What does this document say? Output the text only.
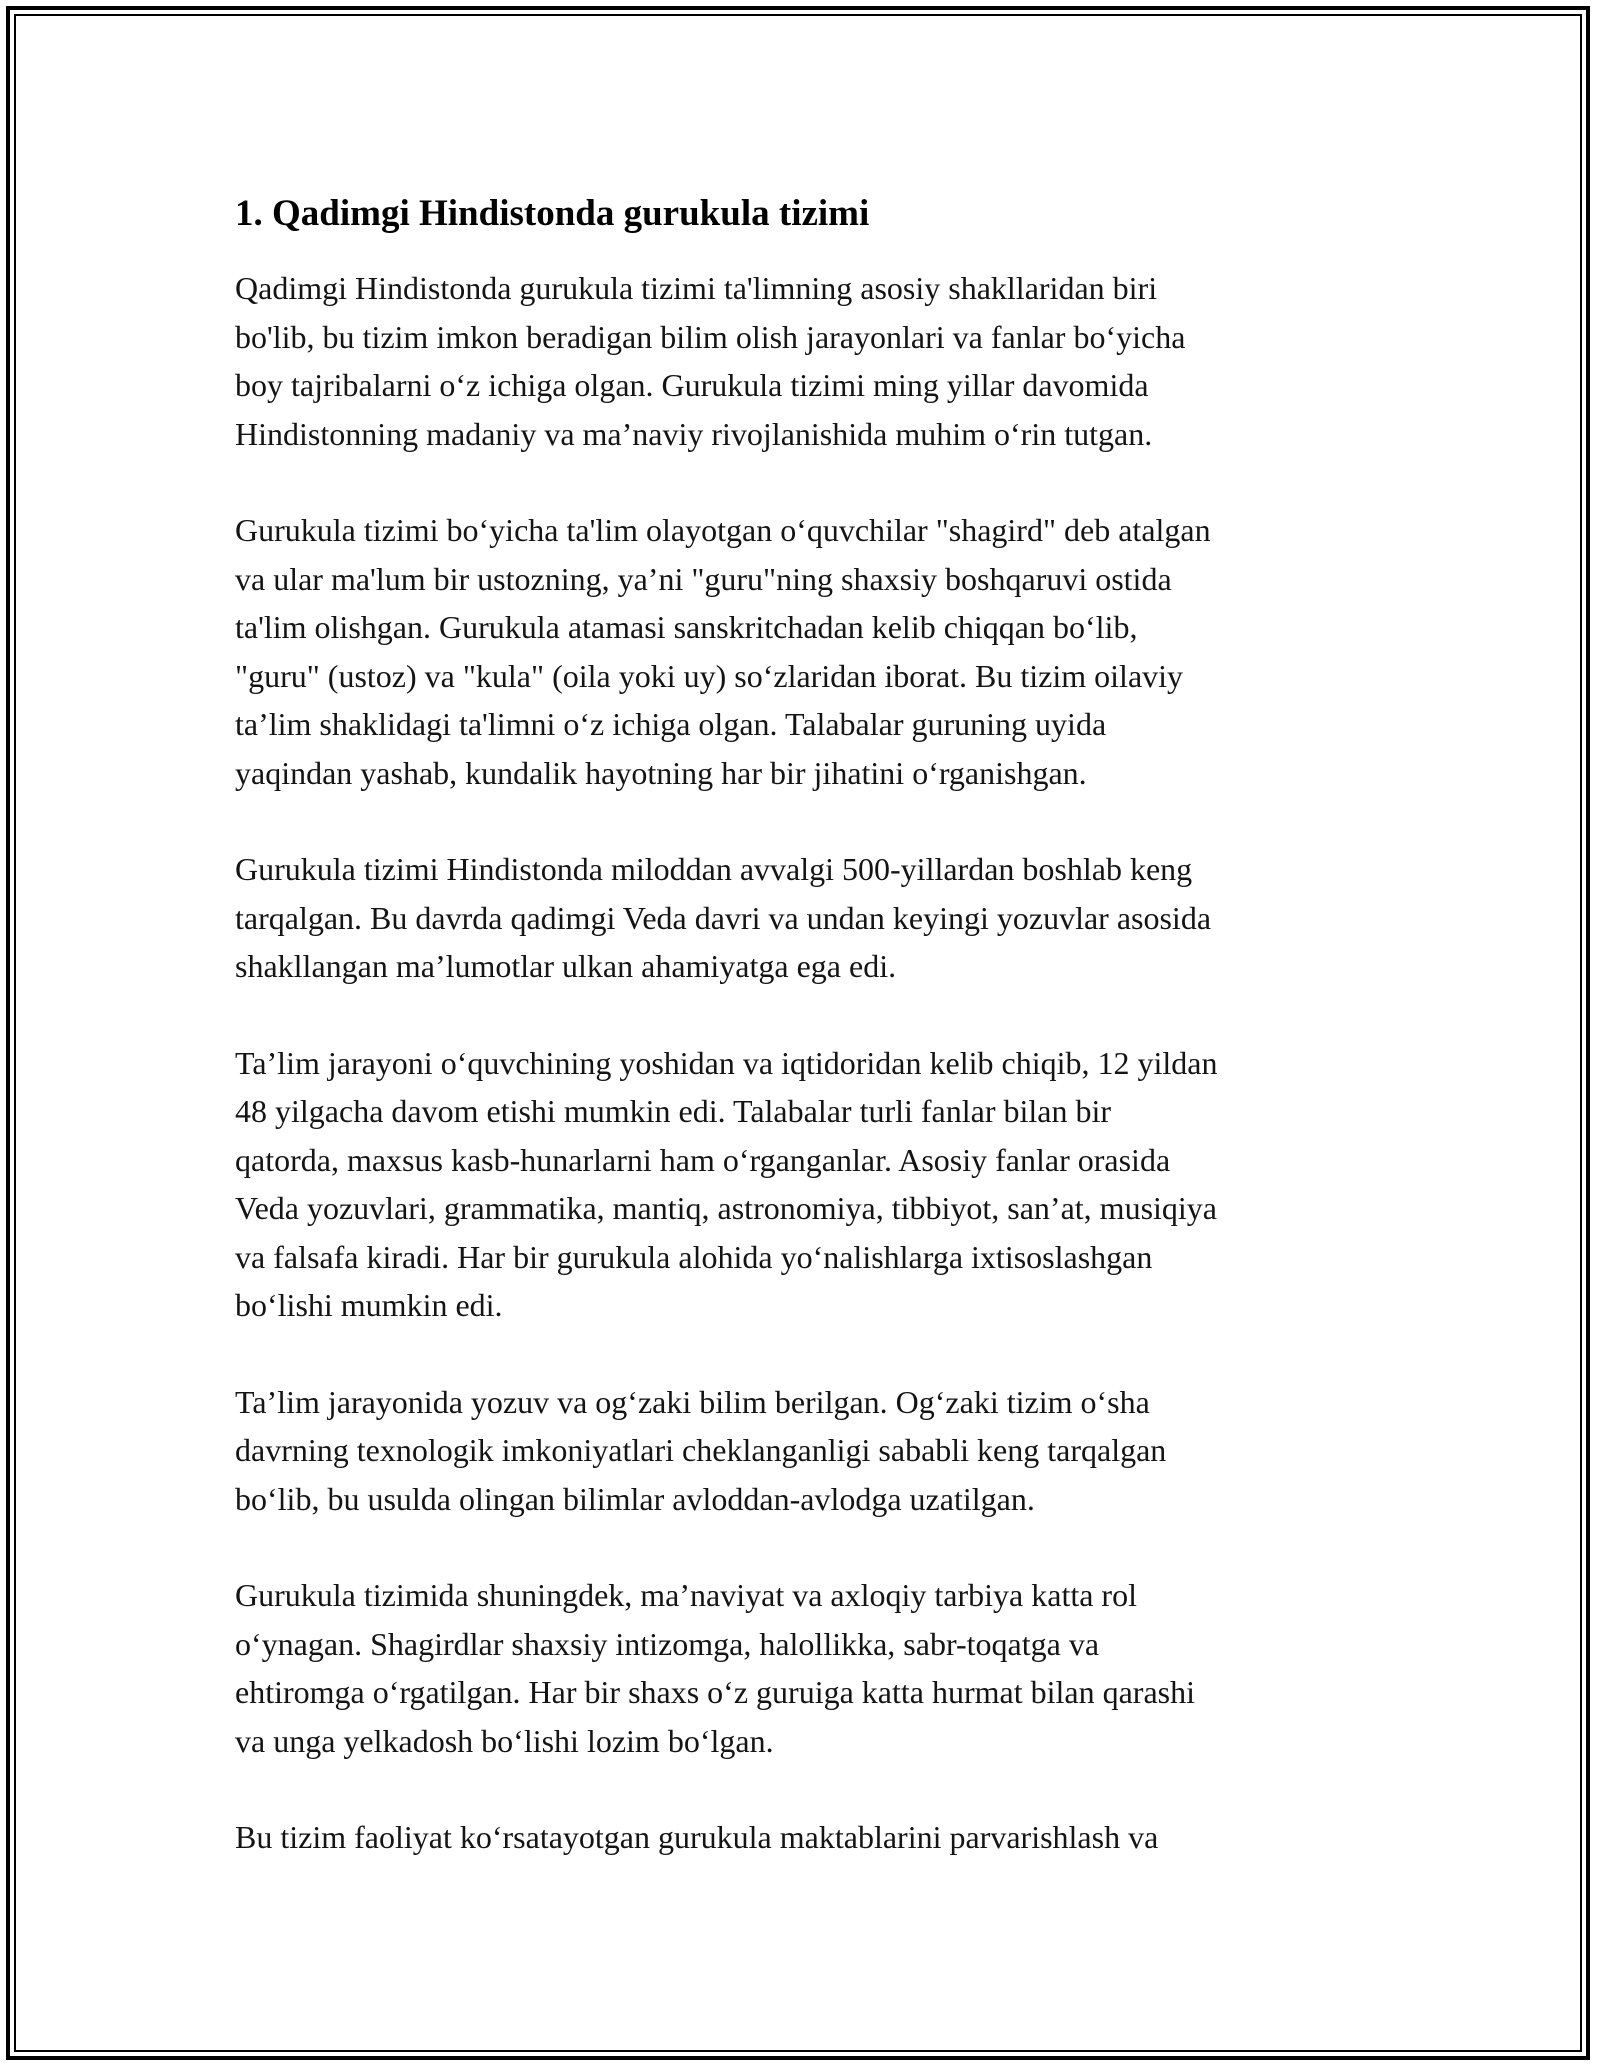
1. Qadimgi Hindistonda gurukula tizimi

Qadimgi Hindistonda gurukula tizimi ta'limning asosiy shakllaridan biri
bo'lib, bu tizim imkon beradigan bilim olish jarayonlari va fanlar bo‘yicha
boy tajribalarni o‘z ichiga olgan. Gurukula tizimi ming yillar davomida
Hindistonning madaniy va ma’naviy rivojlanishida muhim o‘rin tutgan.

Gurukula tizimi bo‘yicha ta'lim olayotgan o‘quvchilar "shagird" deb atalgan
va ular ma'lum bir ustozning, ya’ni "guru"ning shaxsiy boshqaruvi ostida
ta'lim olishgan. Gurukula atamasi sanskritchadan kelib chiqqan bo‘lib,
"guru" (ustoz) va "kula" (oila yoki uy) so‘zlaridan iborat. Bu tizim oilaviy
ta’lim shaklidagi ta'limni o‘z ichiga olgan. Talabalar guruning uyida
yaqindan yashab, kundalik hayotning har bir jihatini o‘rganishgan.

Gurukula tizimi Hindistonda miloddan avvalgi 500-yillardan boshlab keng
tarqalgan. Bu davrda qadimgi Veda davri va undan keyingi yozuvlar asosida
shakllangan ma’lumotlar ulkan ahamiyatga ega edi.

Ta’lim jarayoni o‘quvchining yoshidan va iqtidoridan kelib chiqib, 12 yildan
48 yilgacha davom etishi mumkin edi. Talabalar turli fanlar bilan bir
qatorda, maxsus kasb-hunarlarni ham o‘rganganlar. Asosiy fanlar orasida
Veda yozuvlari, grammatika, mantiq, astronomiya, tibbiyot, san’at, musiqiya
va falsafa kiradi. Har bir gurukula alohida yo‘nalishlarga ixtisoslashgan
bo‘lishi mumkin edi.

Ta’lim jarayonida yozuv va og‘zaki bilim berilgan. Og‘zaki tizim o‘sha
davrning texnologik imkoniyatlari cheklanganligi sababli keng tarqalgan
bo‘lib, bu usulda olingan bilimlar avloddan-avlodga uzatilgan.

Gurukula tizimida shuningdek, ma’naviyat va axloqiy tarbiya katta rol
o‘ynagan. Shagirdlar shaxsiy intizomga, halollikka, sabr-toqatga va
ehtiromga o‘rgatilgan. Har bir shaxs o‘z guruiga katta hurmat bilan qarashi
va unga yelkadosh bo‘lishi lozim bo‘lgan.

Bu tizim faoliyat ko‘rsatayotgan gurukula maktablarini parvarishlash va
